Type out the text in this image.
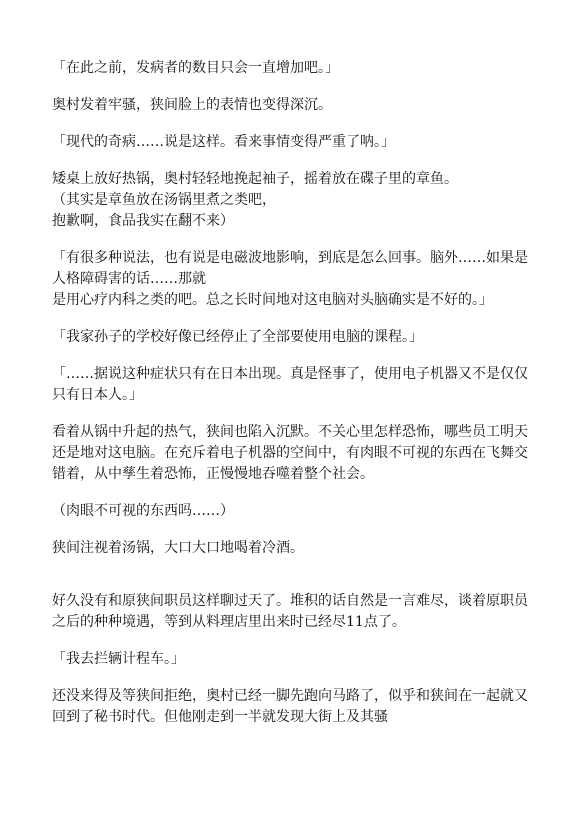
「在此之前，发病者的数目只会一直增加吧。」

奥村发着牢骚，狭间脸上的表情也变得深沉。

「现代的奇病……说是这样。看来事情变得严重了呐。」

矮桌上放好热锅，奥村轻轻地挽起袖子，摇着放在碟子里的章鱼。
（其实是章鱼放在汤锅里煮之类吧，
抱歉啊，食品我实在翻不来）

「有很多种说法，也有说是电磁波地影响，到底是怎么回事。脑外……如果是人格障碍害的话……那就
是用心疗内科之类的吧。总之长时间地对这电脑对头脑确实是不好的。」

「我家孙子的学校好像已经停止了全部要使用电脑的课程。」

「……据说这种症状只有在日本出现。真是怪事了，使用电子机器又不是仅仅只有日本人。」

看着从锅中升起的热气，狭间也陷入沉默。不关心里怎样恐怖，哪些员工明天还是地对这电脑。在充斥着电子机器的空间中，有肉眼不可视的东西在飞舞交错着，从中孳生着恐怖，正慢慢地吞噬着整个社会。

（肉眼不可视的东西吗……）

狭间注视着汤锅，大口大口地喝着冷酒。

好久没有和原狭间职员这样聊过天了。堆积的话自然是一言难尽，谈着原职员之后的种种境遇，等到从料理店里出来时已经尽11点了。

「我去拦辆计程车。」

还没来得及等狭间拒绝，奥村已经一脚先跑向马路了，似乎和狭间在一起就又回到了秘书时代。但他刚走到一半就发现大街上及其骚
